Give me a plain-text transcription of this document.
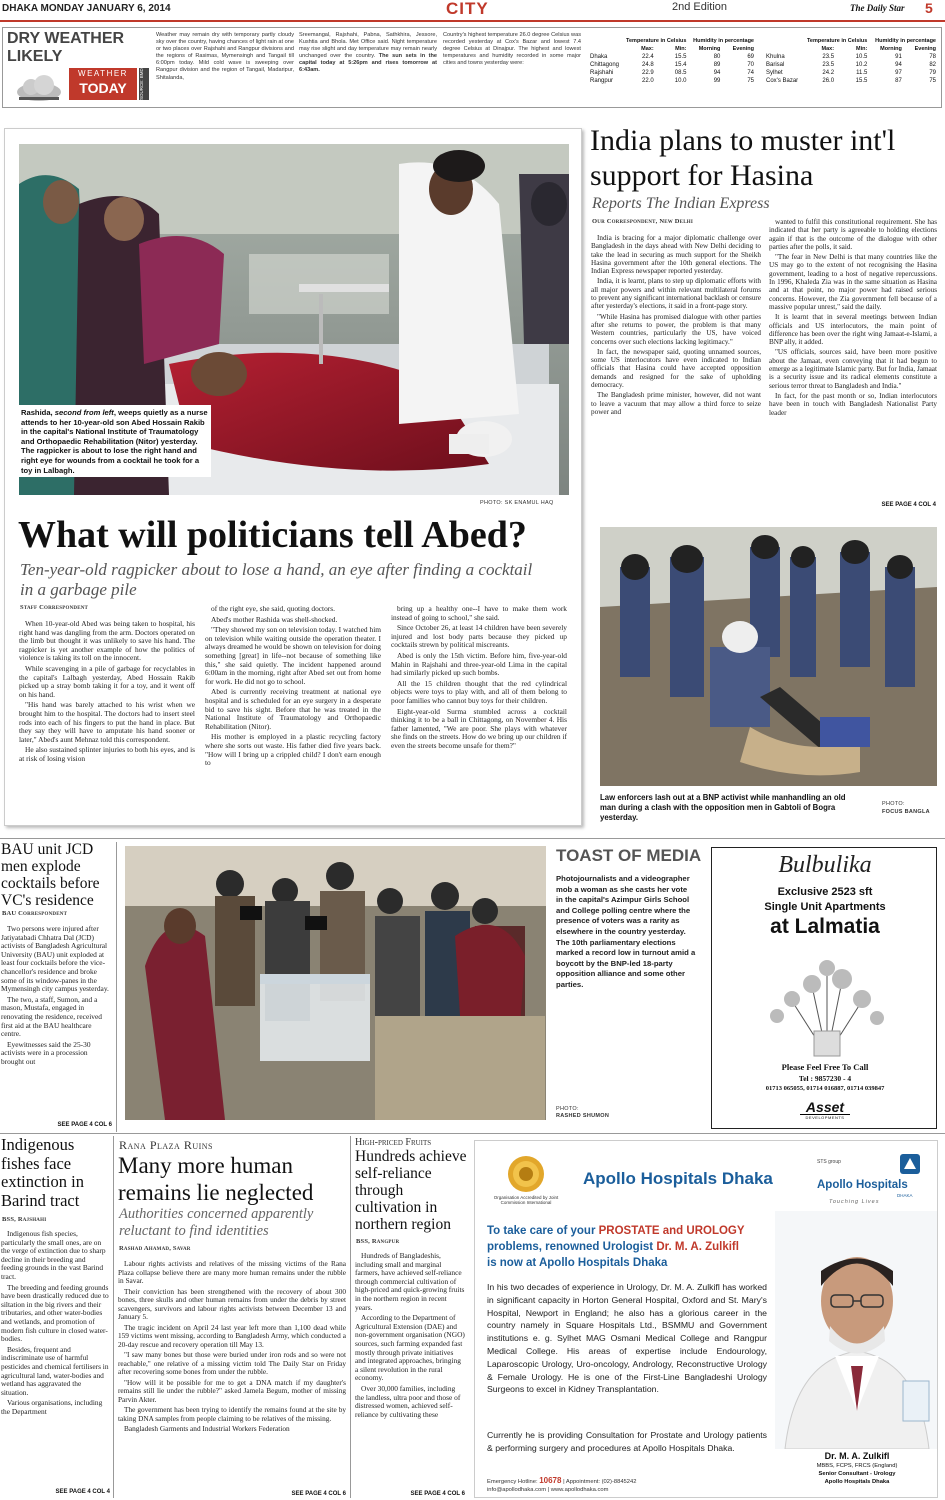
DHAKA MONDAY JANUARY 6, 2014	CITY	2nd Edition	The Daily Star 5
DRY WEATHER
LIKELY
WEATHER
TODAY	SOURCE: BMD
Weather may remain dry with temporary partly cloudy sky over the country, having chances of light rain at one or two places over Rajshahi and Rangpur divisions and the regions of Rasimas, Mymensingh and Tangail till 6:00pm today. Mild cold wave is sweeping over Rangpur division and the region of Tangail, Madaripur, Shitalanda,
Sreemangal, Rajshahi, Pabna, Sathkhira, Jessore, Kushtia and Bhola. Met Office said. Night temperature may rise slight and day temperature may remain nearly unchanged over the country. The sun sets in the capital today at 5:26pm and rises tomorrow at 6:43am.
Country's highest temperature 26.0 degree Celsius was recorded yesterday at Cox's Bazar and lowest 7.4 degree Celsius at Dinajpur. The highest and lowest temperatures and humidity recorded in some major cities and towns yesterday were:
	Temperature in Celsius		Humidity in percentage	
	Max:	Min:	Morning	Evening
Dhaka	22.4	15.5	80	69
Chittagong	24.8	15.4	89	70
Rajshahi	22.9	08.5	94	74
Rangpur	22.0	10.0	99	75
	Temperature in Celsius		Humidity in percentage	
	Max:	Min:	Morning	Evening
Khulna	23.5	10.5	91	78
Barisal	23.5	10.2	94	82
Sylhet	24.2	11.5	97	79
Cox's Bazar	26.0	15.5	87	75
Rashida, second from left, weeps quietly as a nurse attends to her 10-year-old son Abed Hossain Rakib in the capital's National Institute of Traumatology and Orthopaedic Rehabilitation (Nitor) yesterday. The ragpicker is about to lose the right hand and right eye for wounds from a cocktail he took for a toy in Lalbagh.
PHOTO: SK ENAMUL HAQ
What will politicians tell Abed?
Ten-year-old ragpicker about to lose a hand, an eye after finding a cocktail in a garbage pile
Staff Correspondent

When 10-year-old Abed was being taken to hospital, his right hand was dangling from the arm. Doctors operated on the limb but thought it was unlikely to save his hand. The ragpicker is yet another example of how the politics of violence is taking its toll on the innocent.

While scavenging in a pile of garbage for recyclables in the capital's Lalbagh yesterday, Abed Hossain Rakib picked up a stray bomb taking it for a toy, and it went off on his hand.

"His hand was barely attached to his wrist when we brought him to the hospital. The doctors had to insert steel rods into each of his fingers to put the hand in place. But they say they will have to amputate his hand sooner or later," Abed's aunt Mehnaz told this correspondent.

He also sustained splinter injuries to both his eyes, and is at risk of losing vision

of the right eye, she said, quoting doctors.

Abed's mother Rashida was shell-shocked.

"They showed my son on television today. I watched him on television while waiting outside the operation theater. I always dreamed he would be shown on television for doing something [great] in life--not because of something like this," she said quietly. The incident happened around 6:00am in the morning, right after Abed set out from home for work. He did not go to school.

Abed is currently receiving treatment at national eye hospital and is scheduled for an eye surgery in a desperate bid to save his sight. Before that he was treated in the National Institute of Traumatology and Orthopaedic Rehabilitation (Nitor).

His mother is employed in a plastic recycling factory where she sorts out waste. His father died five years back. "How will I bring up a crippled child? I don't earn enough to

bring up a healthy one--I have to make them work instead of going to school," she said.

Since October 26, at least 14 children have been severely injured and lost body parts because they picked up cocktails strewn by political miscreants.

Abed is only the 15th victim. Before him, five-year-old Mahin in Rajshahi and three-year-old Lima in the capital had similarly picked up such bombs.

All the 15 children thought that the red cylindrical objects were toys to play with, and all of them belong to poor families who cannot buy toys for their children.

Eight-year-old Surma stumbled across a cocktail thinking it to be a ball in Chittagong, on November 4. His father lamented, "We are poor. She plays with whatever she finds on the streets. How do we bring up our children if even the streets become unsafe for them?"

India plans to muster int'l support for Hasina
Reports The Indian Express
Our Correspondent, New Delhi

India is bracing for a major diplomatic challenge over Bangladesh in the days ahead with New Delhi deciding to take the lead in securing as much support for the Sheikh Hasina government after the 10th general elections. The Indian Express newspaper reported yesterday.

India, it is learnt, plans to step up diplomatic efforts with all major powers and within relevant multilateral forums to prevent any significant international backlash or censure after yesterday's elections, it said in a front-page story.

"While Hasina has promised dialogue with other parties after she returns to power, the problem is that many Western countries, particularly the US, have voiced concerns over such elections lacking legitimacy."

In fact, the newspaper said, quoting unnamed sources, some US interlocutors have even indicated to Indian officials that Hasina could have accepted opposition demands and resigned for the sake of upholding democracy.

The Bangladesh prime minister, however, did not want to leave a vacuum that may allow a third force to seize power and

wanted to fulfil this constitutional requirement. She has indicated that her party is agreeable to holding elections again if that is the outcome of the dialogue with other parties after the polls, it said.

"The fear in New Delhi is that many countries like the US may go to the extent of not recognising the Hasina government, leading to a host of negative repercussions. In 1996, Khaleda Zia was in the same situation as Hasina and at that point, no major power had raised serious concerns. However, the Zia government fell because of a massive popular unrest," said the daily.

It is learnt that in several meetings between Indian officials and US interlocutors, the main point of difference has been over the right wing Jamaat-e-Islami, a BNP ally, it added.

"US officials, sources said, have been more positive about the Jamaat, even conveying that it had begun to emerge as a legitimate Islamic party. But for India, Jamaat is a security issue and its radical elements constitute a serious terror threat to Bangladesh and India."

In fact, for the past month or so, Indian interlocutors have been in touch with Bangladesh Nationalist Party leader

SEE PAGE 4 COL 4
Law enforcers lash out at a BNP activist while manhandling an old man during a clash with the opposition men in Gabtoli of Bogra yesterday.
PHOTO:
FOCUS BANGLA
BAU unit JCD men explode cocktails before VC's residence
BAU Correspondent

Two persons were injured after Jatiyatabadi Chhatra Dal (JCD) activists of Bangladesh Agricultural University (BAU) unit exploded at least four cocktails before the vice-chancellor's residence and broke some of its window-panes in the Mymensingh city campus yesterday.

The two, a staff, Sumon, and a mason, Mustafa, engaged in renovating the residence, received first aid at the BAU healthcare centre.

Eyewitnesses said the 25-30 activists were in a procession brought out

SEE PAGE 4 COL 6
TOAST OF MEDIA
Photojournalists and a videographer mob a woman as she casts her vote in the capital's Azimpur Girls School and College polling centre where the presence of voters was a rarity as elsewhere in the country yesterday. The 10th parliamentary elections marked a record low in turnout amid a boycott by the BNP-led 18-party opposition alliance and some other parties.
PHOTO:
RASHED SHUMON
Bulbulika
Exclusive 2523 sft
Single Unit Apartments
at Lalmatia
Please Feel Free To Call
Tel : 9857230 - 4
01713 065055, 01714 016887, 01714 039847
Asset
DEVELOPMENTS
Indigenous fishes face extinction in Barind tract
BSS, Rajshahi

Indigenous fish species, particularly the small ones, are on the verge of extinction due to sharp decline in their breeding and feeding grounds in the vast Barind tract.

The breeding and feeding grounds have been drastically reduced due to siltation in the big rivers and their tributaries, and other water-bodies and wetlands, and promotion of modern fish culture in closed water-bodies.

Besides, frequent and indiscriminate use of harmful pesticides and chemical fertilisers in agricultural land, water-bodies and wetland has aggravated the situation.

Various organisations, including the Department

SEE PAGE 4 COL 4
Rana Plaza Ruins
Many more human remains lie neglected
Authorities concerned apparently reluctant to find identities
Rashad Ahamad, Savar

Labour rights activists and relatives of the missing victims of the Rana Plaza collapse believe there are many more human remains under the rubble in Savar.

Their conviction has been strengthened with the recovery of about 300 bones, three skulls and other human remains from under the debris by street scavengers, survivors and labour rights activists between December 13 and January 5.

The tragic incident on April 24 last year left more than 1,100 dead while 159 victims went missing, according to Bangladesh Army, which conducted a 20-day rescue and recovery operation till May 13.

"I saw many bones but those were buried under iron rods and so were not reachable," one relative of a missing victim told The Daily Star on Friday after recovering some bones from under the rubble.

"How will it be possible for me to get a DNA match if my daughter's remains still lie under the rubble?" asked Jamela Begum, mother of missing Parvin Akter.

The government has been trying to identify the remains found at the site by taking DNA samples from people claiming to be relatives of the missing.

Bangladesh Garments and Industrial Workers Federation

SEE PAGE 4 COL 6
High-priced Fruits
Hundreds achieve self-reliance through cultivation in northern region
BSS, Rangpur

Hundreds of Bangladeshis, including small and marginal farmers, have achieved self-reliance through commercial cultivation of high-priced and quick-growing fruits in the northern region in recent years.

According to the Department of Agricultural Extension (DAE) and non-government organisation (NGO) sources, such farming expanded fast mostly through private initiatives and integrated approaches, bringing a silent revolution in the rural economy.

Over 30,000 families, including the landless, ultra poor and those of distressed women, achieved self-reliance by cultivating these

SEE PAGE 4 COL 6
Organisation Accredited by Joint Commission International
Apollo Hospitals Dhaka
STS group
Apollo Hospitals
DHAKA
Touching Lives
To take care of your PROSTATE and UROLOGY
problems, renowned Urologist Dr. M. A. Zulkifl
is now at Apollo Hospitals Dhaka
In his two decades of experience in Urology, Dr. M. A. Zulkifl has worked in significant capacity in Horton General Hospital, Oxford and St. Mary's Hospital, Newport in England; he also has a glorious career in the country namely in Square Hospitals Ltd., BSMMU and Government institutions e. g. Sylhet MAG Osmani Medical College and Rangpur Medical College. His areas of expertise include Endourology, Laparoscopic Urology, Uro-oncology, Andrology, Reconstructive Urology & Female Urology. He is one of the First-Line Bangladeshi Urology Surgeons to excel in Kidney Transplantation.
Currently he is providing Consultation for Prostate and Urology patients & performing surgery and procedures at Apollo Hospitals Dhaka.
Emergency Hotline: 10678 | Appointment: (02)-8845242
info@apollodhaka.com | www.apollodhaka.com
Dr. M. A. Zulkifl
MBBS, FCPS, FRCS (England)
Senior Consultant - Urology
Apollo Hospitals Dhaka
